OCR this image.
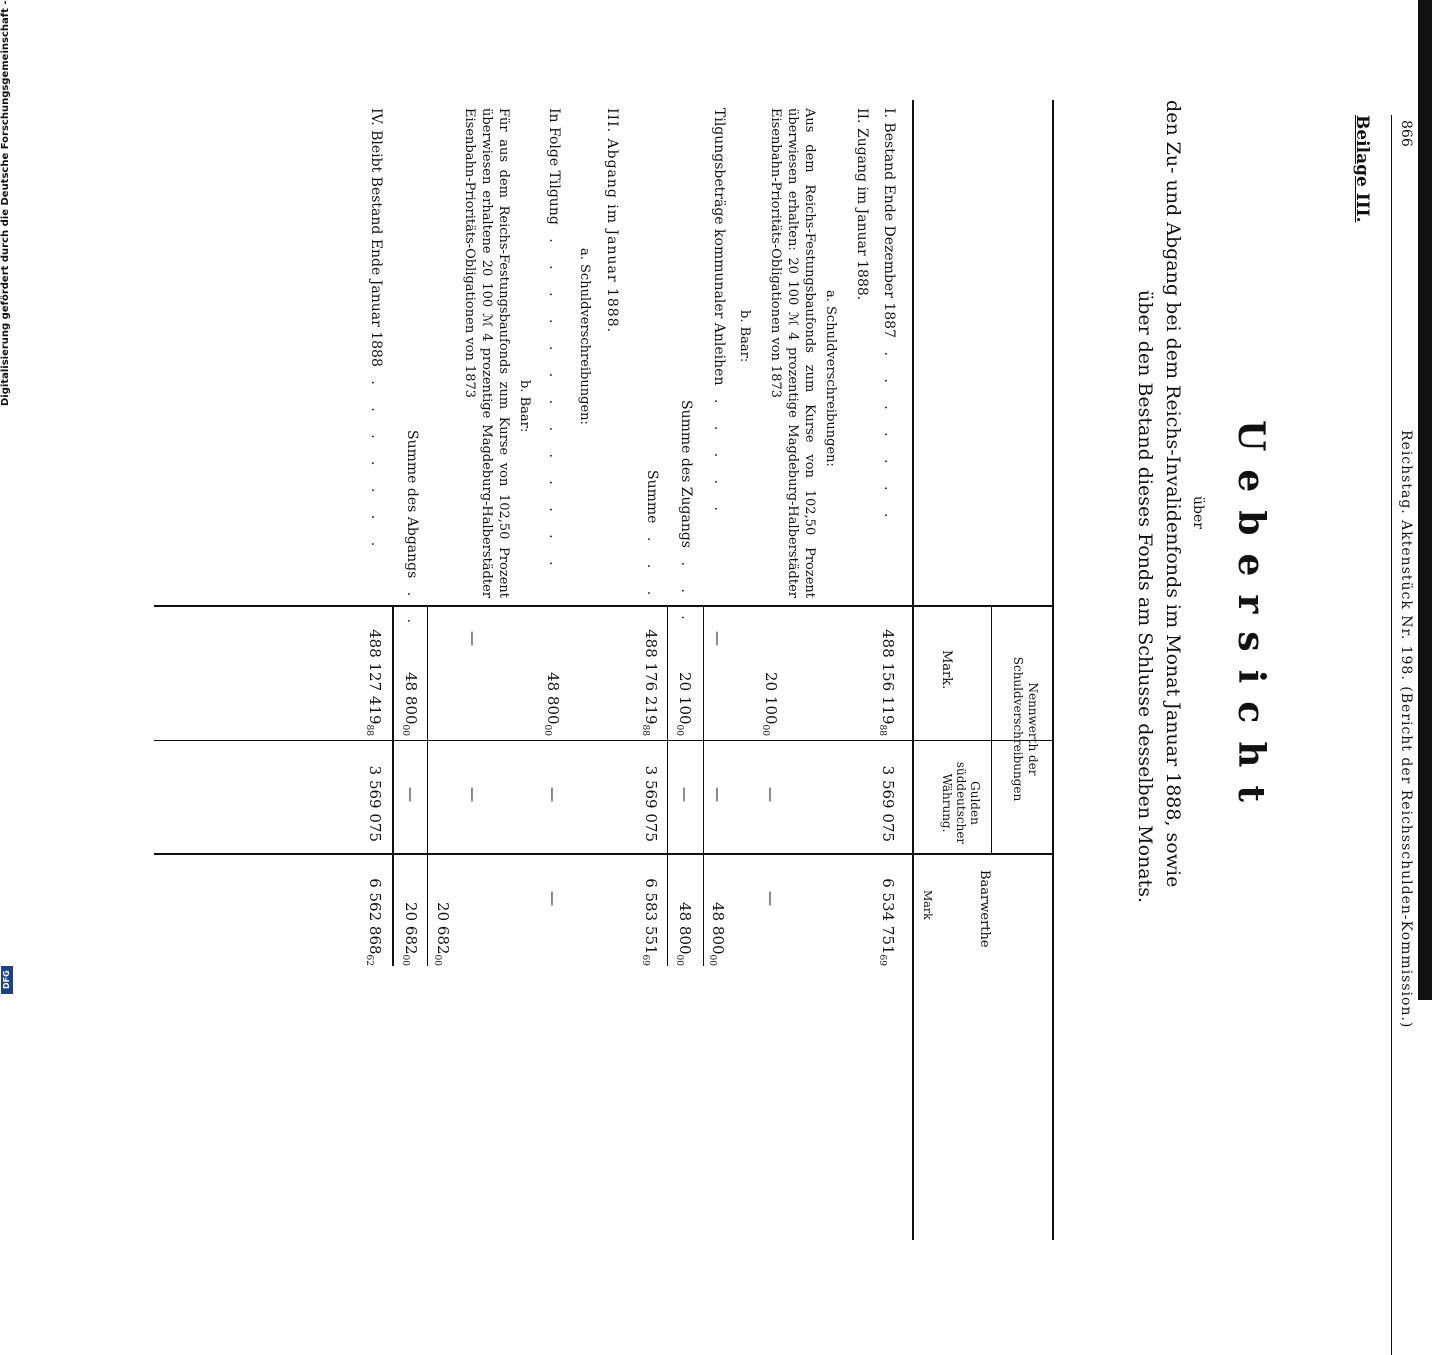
Digitalisierung gefördert durch die Deutsche Forschungsgemeinschaft -
DFG
866
Reichstag. Aktenstück Nr. 198. (Bericht der Reichsschulden-Kommission.)
Beilage III.
Uebersicht
über
den Zu- und Abgang bei dem Reichs-Invalidenfonds im Monat Januar 1888, sowie
über den Bestand dieses Fonds am Schlusse desselben Monats.
Nennwerth der Schuldverschreibungen
Mark.
Gulden süddeutscher Währung.
Baarwerthe
Mark
I. Bestand Ende Dezember 1887 . . . . . . .
488 156 $119_{88}$
3 569 075
6 534 $751_{69}$
II. Zugang im Januar 1888.
a. Schuldverschreibungen:
Aus dem Reichs-Festungsbaufonds zum Kurse von 102,50 Prozent überwiesen erhalten: 20 100 ℳ 4 prozentige Magdeburg-Halberstädter Eisenbahn-Prioritäts-Obligationen von 1873
20 $100_{00}$
—
—
b. Baar:
Tilgungsbeträge kommunaler Anleihen . . . . .
—
—
48 $800_{00}$
Summe des Zugangs . . .
20 $100_{00}$
—
48 $800_{00}$
Summe . . .
488 176 $219_{88}$
3 569 075
6 583 $551_{69}$
III. Abgang im Januar 1888.
a. Schuldverschreibungen:
In Folge Tilgung . . . . . . . . . . . . .
48 $800_{00}$
—
—
b. Baar:
Für aus dem Reichs-Festungsbaufonds zum Kurse von 102,50 Prozent überwiesen erhaltene 20 100 ℳ 4 prozentige Magdeburg-Halberstädter Eisenbahn-Prioritäts-Obligationen von 1873
—
—
20 $682_{00}$
Summe des Abgangs . .
48 $800_{00}$
—
20 $682_{00}$
IV. Bleibt Bestand Ende Januar 1888 . . . . . . .
488 127 $419_{88}$
3 569 075
6 562 $868_{62}$
